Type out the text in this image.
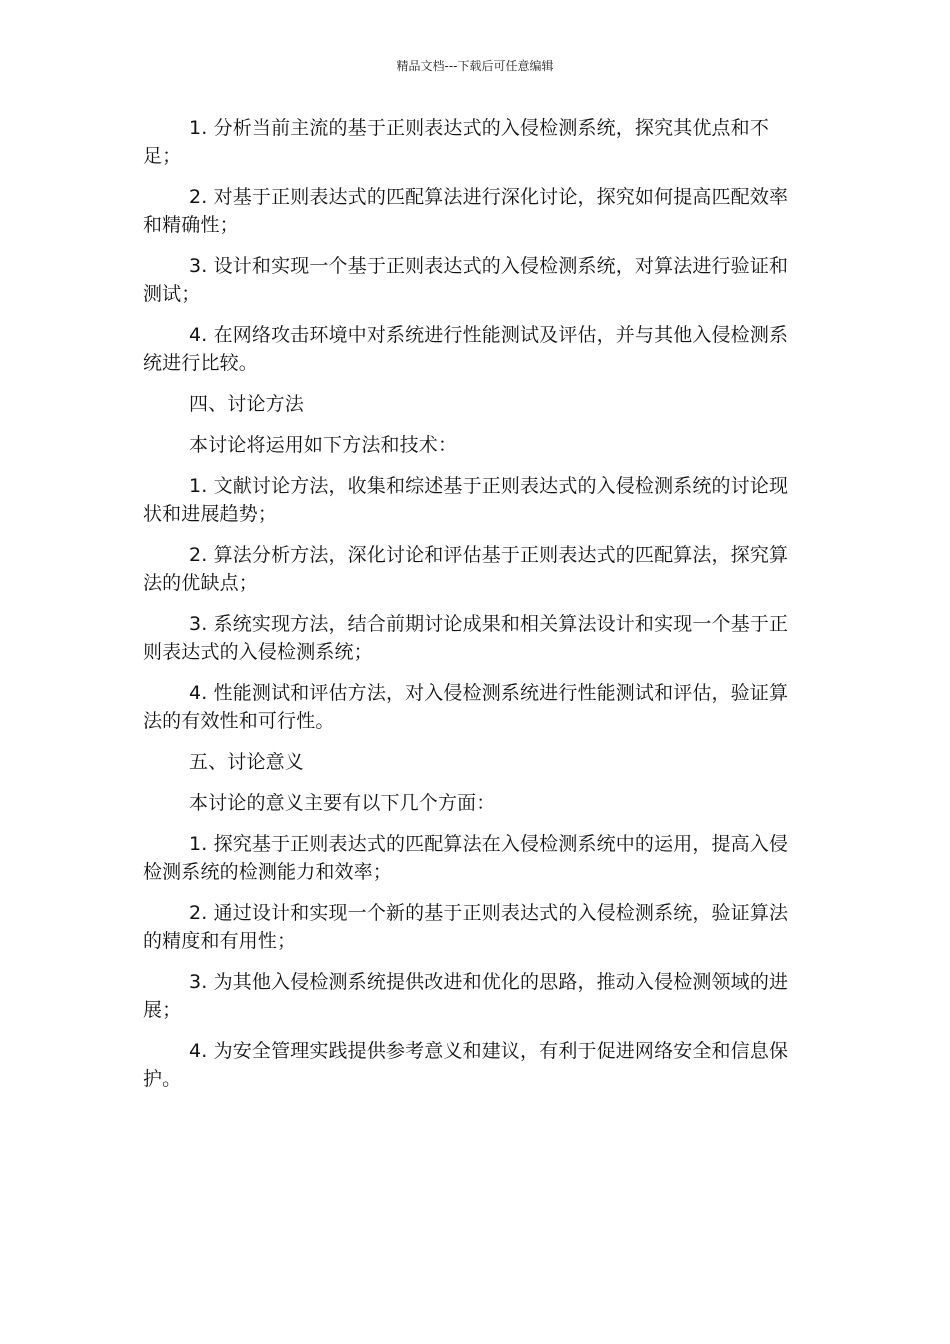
精品文档---下载后可任意编辑

1. 分析当前主流的基于正则表达式的入侵检测系统，探究其优点和不足；

2. 对基于正则表达式的匹配算法进行深化讨论，探究如何提高匹配效率和精确性；

3. 设计和实现一个基于正则表达式的入侵检测系统，对算法进行验证和测试；

4. 在网络攻击环境中对系统进行性能测试及评估，并与其他入侵检测系统进行比较。

四、讨论方法

本讨论将运用如下方法和技术：

1. 文献讨论方法，收集和综述基于正则表达式的入侵检测系统的讨论现状和进展趋势；

2. 算法分析方法，深化讨论和评估基于正则表达式的匹配算法，探究算法的优缺点；

3. 系统实现方法，结合前期讨论成果和相关算法设计和实现一个基于正则表达式的入侵检测系统；

4. 性能测试和评估方法，对入侵检测系统进行性能测试和评估，验证算法的有效性和可行性。

五、讨论意义

本讨论的意义主要有以下几个方面：

1. 探究基于正则表达式的匹配算法在入侵检测系统中的运用，提高入侵检测系统的检测能力和效率；

2. 通过设计和实现一个新的基于正则表达式的入侵检测系统，验证算法的精度和有用性；

3. 为其他入侵检测系统提供改进和优化的思路，推动入侵检测领域的进展；

4. 为安全管理实践提供参考意义和建议，有利于促进网络安全和信息保护。
